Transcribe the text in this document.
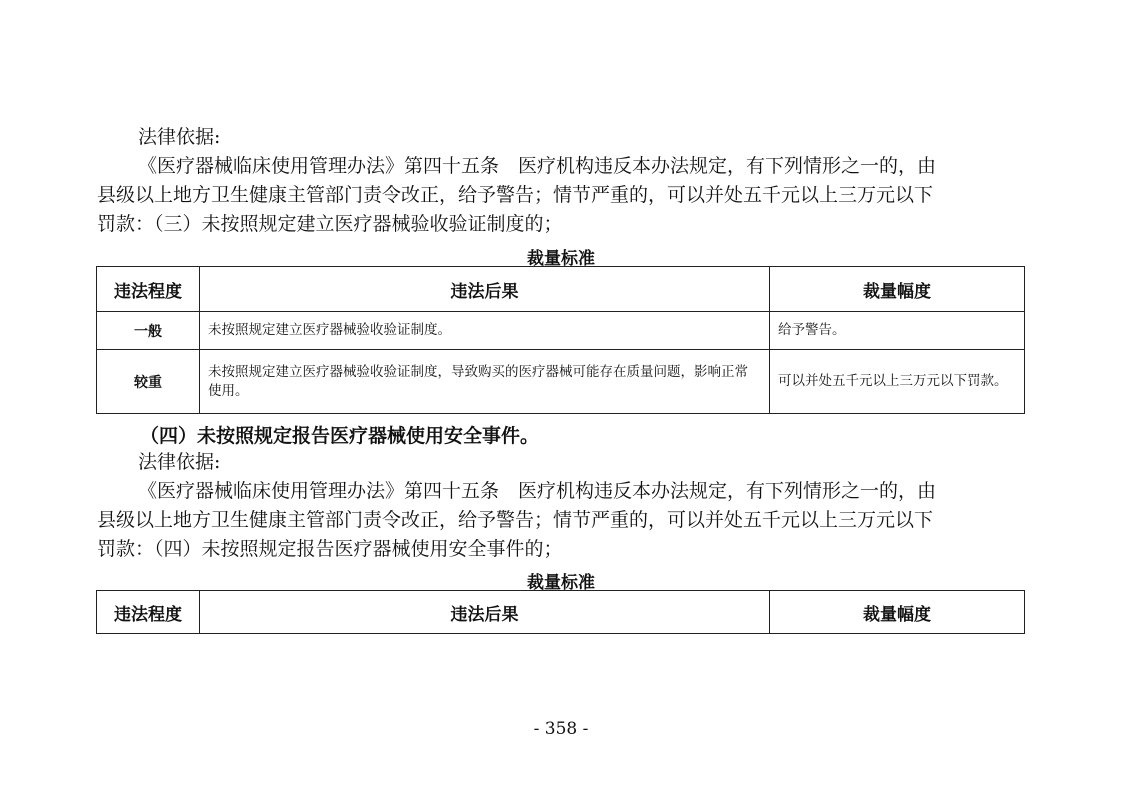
法律依据:
《医疗器械临床使用管理办法》第四十五条　医疗机构违反本办法规定，有下列情形之一的，由
县级以上地方卫生健康主管部门责令改正，给予警告；情节严重的，可以并处五千元以上三万元以下
罚款：（三）未按照规定建立医疗器械验收验证制度的；
裁量标准
违法程度	违法后果	裁量幅度
一般	未按照规定建立医疗器械验收验证制度。	给予警告。
较重	未按照规定建立医疗器械验收验证制度，导致购买的医疗器械可能存在质量问题，影响正常使用。	可以并处五千元以上三万元以下罚款。
（四）未按照规定报告医疗器械使用安全事件。
法律依据:
《医疗器械临床使用管理办法》第四十五条　医疗机构违反本办法规定，有下列情形之一的，由
县级以上地方卫生健康主管部门责令改正，给予警告；情节严重的，可以并处五千元以上三万元以下
罚款：（四）未按照规定报告医疗器械使用安全事件的；
裁量标准
违法程度	违法后果	裁量幅度
- 358 -
